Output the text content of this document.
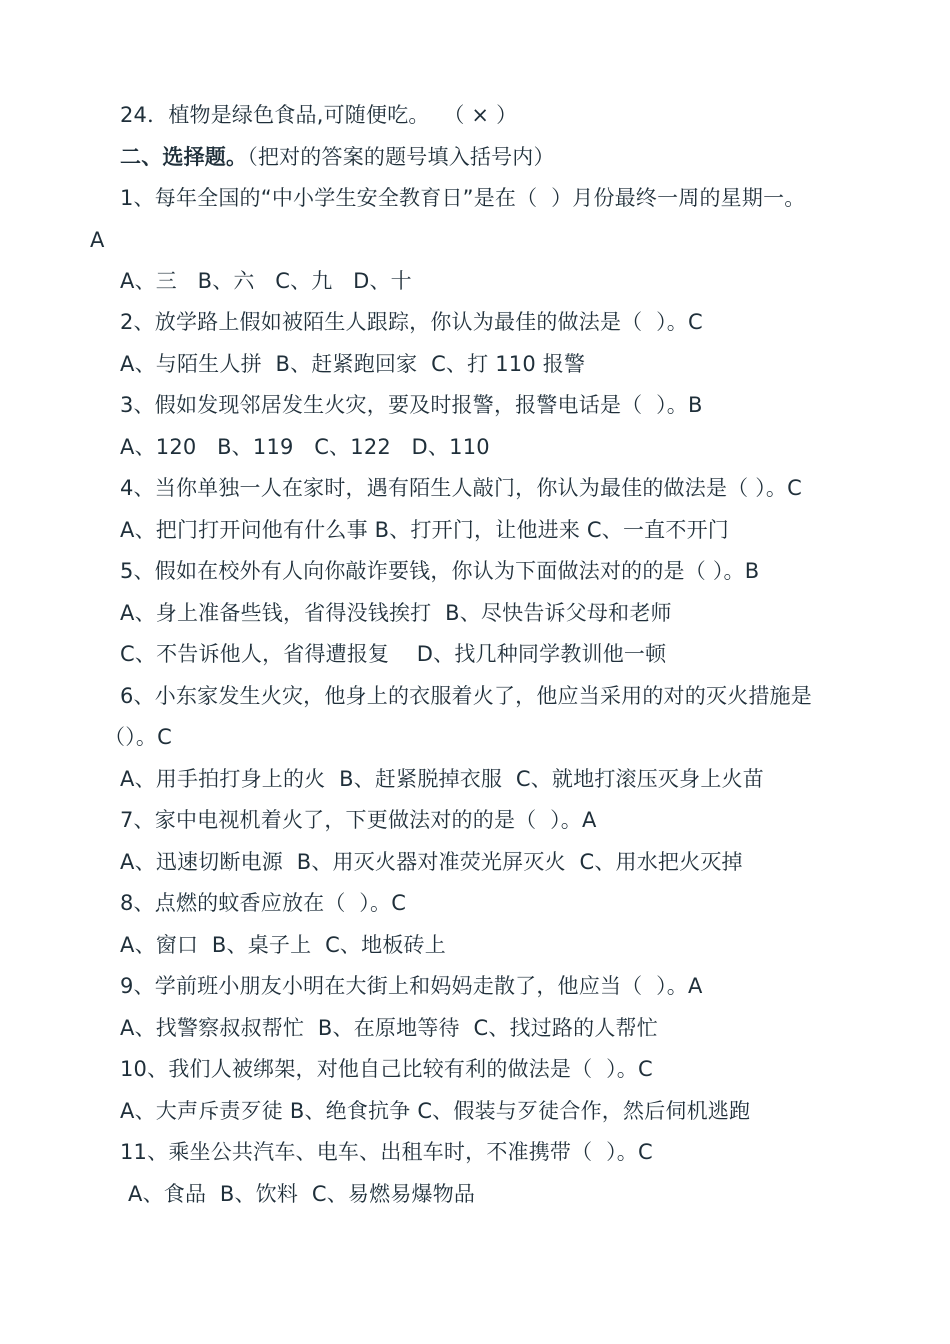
24．植物是绿色食品,可随便吃。  （ × ）
二、选择题。（把对的答案的题号填入括号内）
1、每年全国的“中小学生安全教育日”是在（  ）月份最终一周的星期一。
A
A、三   B、六   C、九   D、十
2、放学路上假如被陌生人跟踪，你认为最佳的做法是（  ）。C
A、与陌生人拼  B、赶紧跑回家  C、打 110 报警
3、假如发现邻居发生火灾，要及时报警，报警电话是（  ）。B
A、120   B、119   C、122   D、110
4、当你单独一人在家时，遇有陌生人敲门，你认为最佳的做法是（ ）。C
A、把门打开问他有什么事 B、打开门，让他进来 C、一直不开门
5、假如在校外有人向你敲诈要钱，你认为下面做法对的的是（ ）。B
A、身上准备些钱，省得没钱挨打  B、尽快告诉父母和老师
C、不告诉他人，省得遭报复    D、找几种同学教训他一顿
6、小东家发生火灾，他身上的衣服着火了，他应当采用的对的灭火措施是
（）。C
A、用手拍打身上的火  B、赶紧脱掉衣服  C、就地打滚压灭身上火苗
7、家中电视机着火了，下更做法对的的是（  ）。A
A、迅速切断电源  B、用灭火器对准荧光屏灭火  C、用水把火灭掉
8、点燃的蚊香应放在（  ）。C
A、窗口  B、桌子上  C、地板砖上
9、学前班小朋友小明在大街上和妈妈走散了，他应当（  ）。A
A、找警察叔叔帮忙  B、在原地等待  C、找过路的人帮忙
10、我们人被绑架，对他自己比较有利的做法是（  ）。C
A、大声斥责歹徒 B、绝食抗争 C、假装与歹徒合作，然后伺机逃跑
11、乘坐公共汽车、电车、出租车时，不准携带（  ）。C
A、食品  B、饮料  C、易燃易爆物品
